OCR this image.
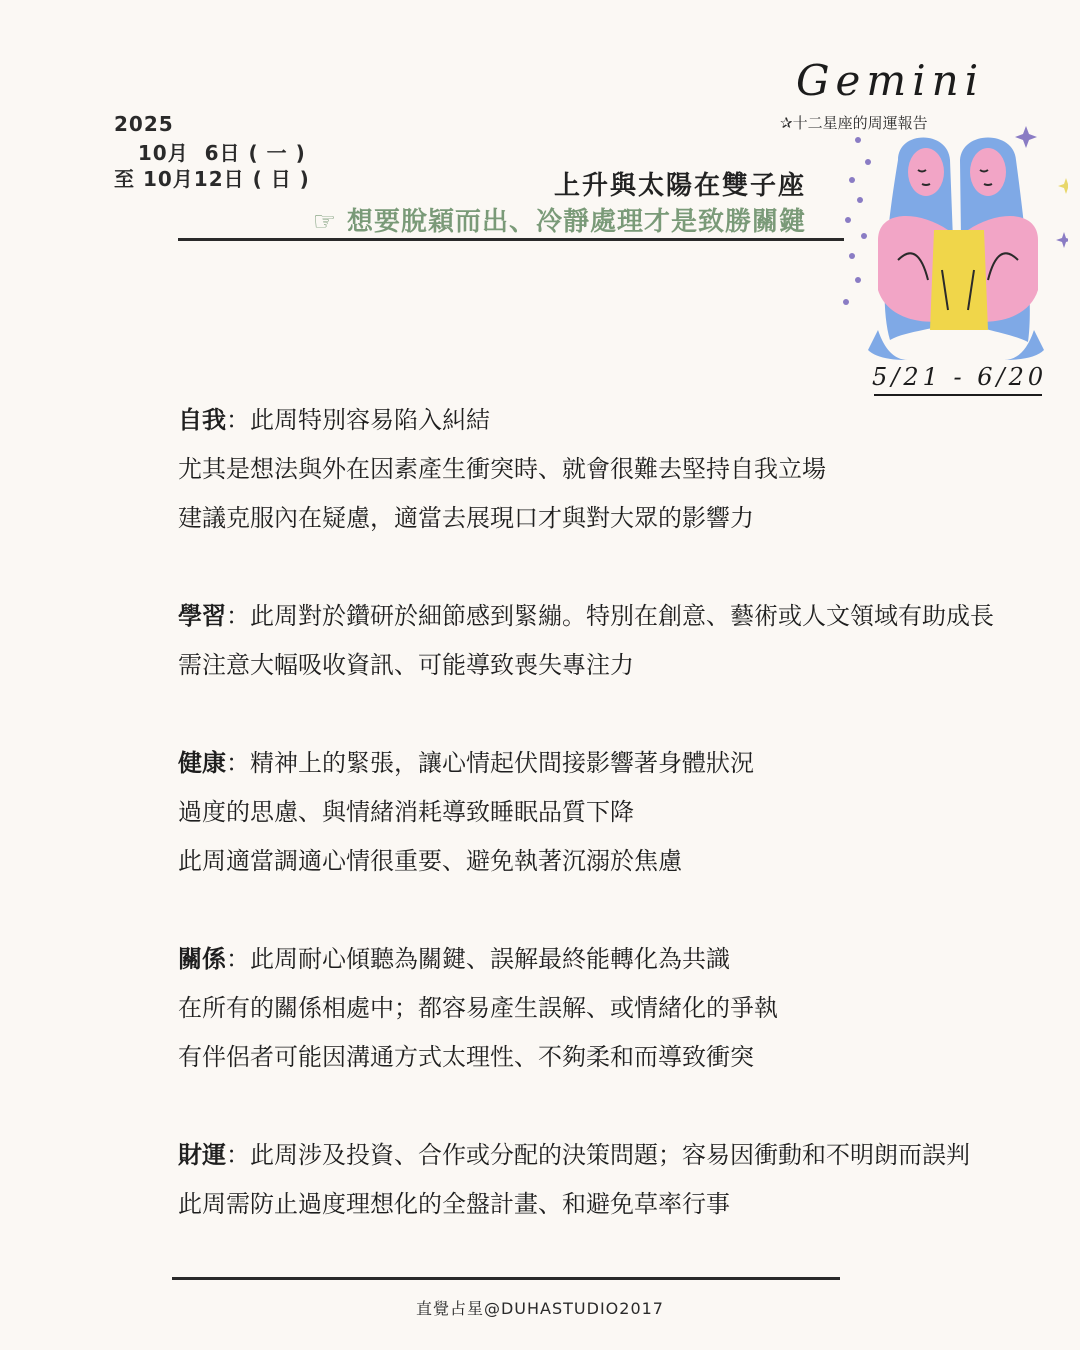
2025
10月  6日 ( 一 )
至 10月12日 ( 日 )	上升與太陽在雙子座
☞ 想要脫穎而出、冷靜處理才是致勝關鍵
Gemini
✰十二星座的周運報告
5/21 - 6/20
自我：此周特別容易陷入糾結
尤其是想法與外在因素產生衝突時、就會很難去堅持自我立場
建議克服內在疑慮，適當去展現口才與對大眾的影響力
學習：此周對於鑽研於細節感到緊繃。特別在創意、藝術或人文領域有助成長
需注意大幅吸收資訊、可能導致喪失專注力
健康：精神上的緊張，讓心情起伏間接影響著身體狀況
過度的思慮、與情緒消耗導致睡眠品質下降
此周適當調適心情很重要、避免執著沉溺於焦慮
關係：此周耐心傾聽為關鍵、誤解最終能轉化為共識
在所有的關係相處中；都容易產生誤解、或情緒化的爭執
有伴侶者可能因溝通方式太理性、不夠柔和而導致衝突
財運：此周涉及投資、合作或分配的決策問題；容易因衝動和不明朗而誤判
此周需防止過度理想化的全盤計畫、和避免草率行事
直覺占星@DUHASTUDIO2017
